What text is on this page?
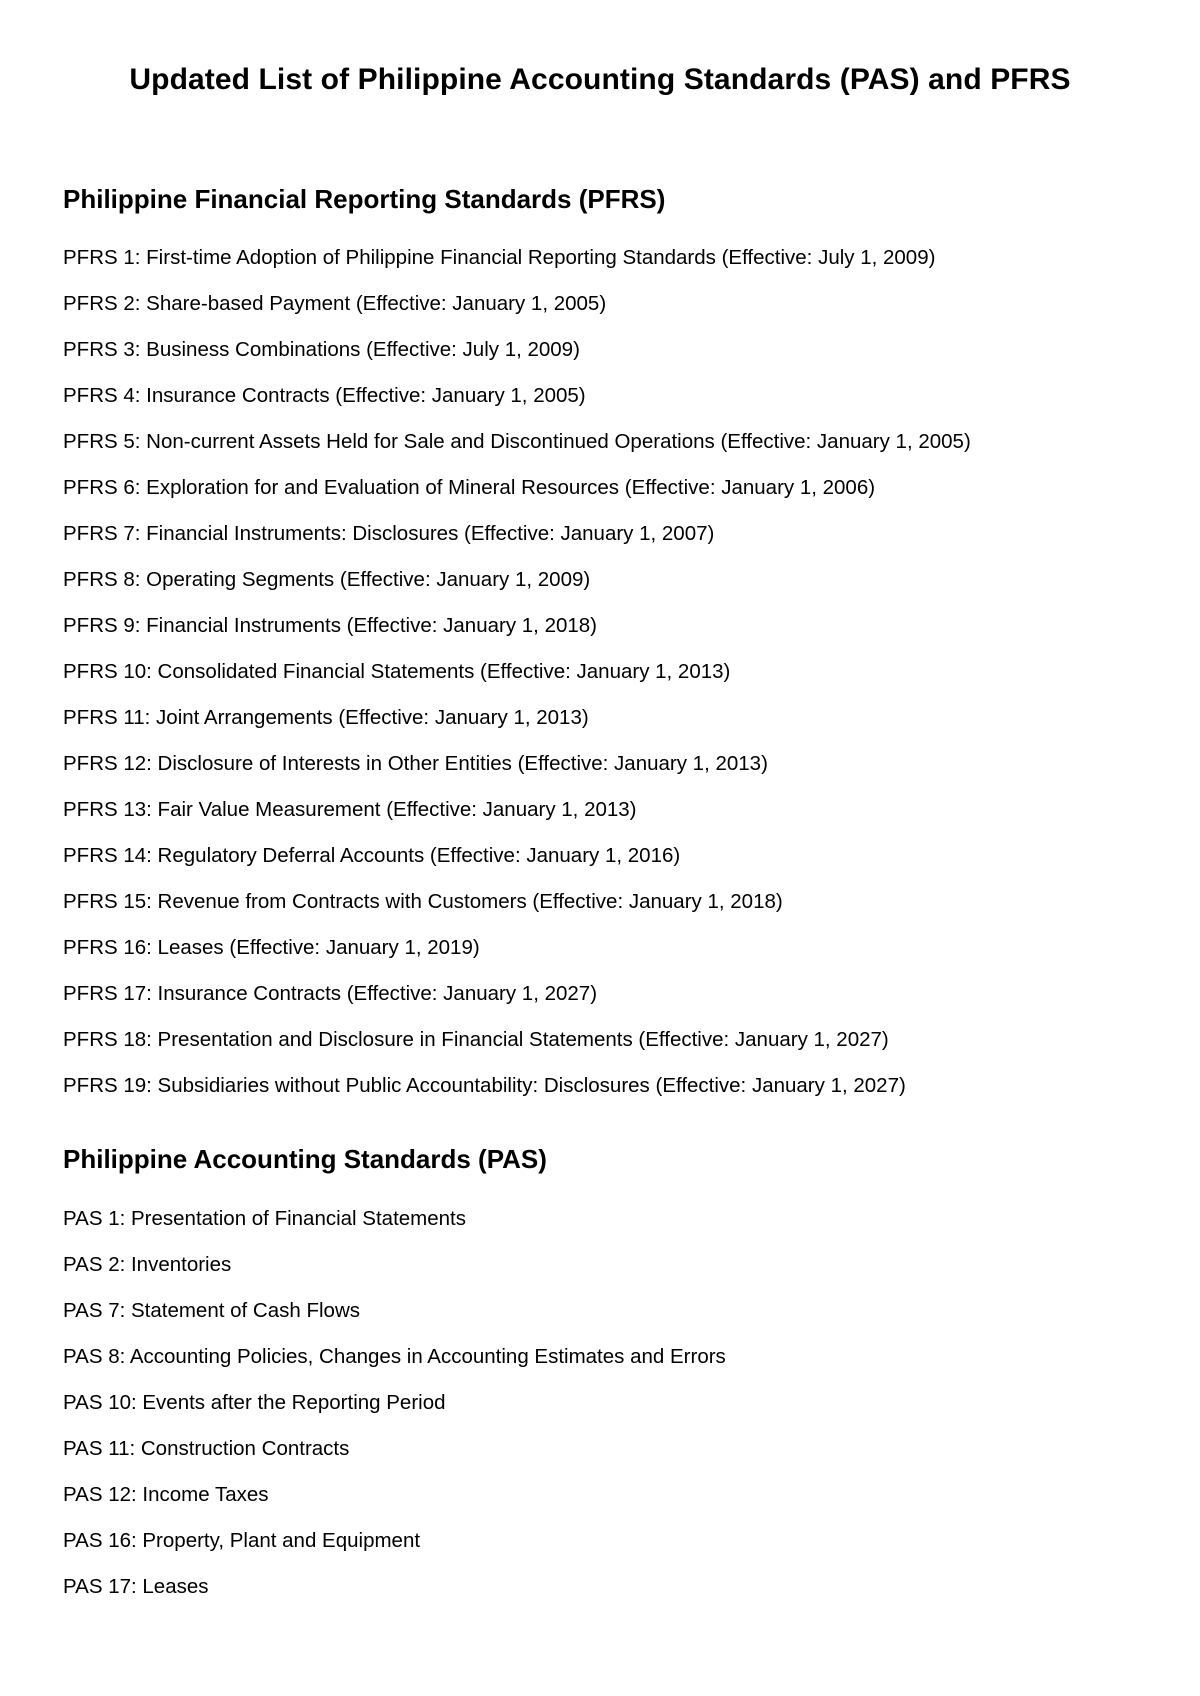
Updated List of Philippine Accounting Standards (PAS) and PFRS
Philippine Financial Reporting Standards (PFRS)
PFRS 1: First-time Adoption of Philippine Financial Reporting Standards (Effective: July 1, 2009)
PFRS 2: Share-based Payment (Effective: January 1, 2005)
PFRS 3: Business Combinations (Effective: July 1, 2009)
PFRS 4: Insurance Contracts (Effective: January 1, 2005)
PFRS 5: Non-current Assets Held for Sale and Discontinued Operations (Effective: January 1, 2005)
PFRS 6: Exploration for and Evaluation of Mineral Resources (Effective: January 1, 2006)
PFRS 7: Financial Instruments: Disclosures (Effective: January 1, 2007)
PFRS 8: Operating Segments (Effective: January 1, 2009)
PFRS 9: Financial Instruments (Effective: January 1, 2018)
PFRS 10: Consolidated Financial Statements (Effective: January 1, 2013)
PFRS 11: Joint Arrangements (Effective: January 1, 2013)
PFRS 12: Disclosure of Interests in Other Entities (Effective: January 1, 2013)
PFRS 13: Fair Value Measurement (Effective: January 1, 2013)
PFRS 14: Regulatory Deferral Accounts (Effective: January 1, 2016)
PFRS 15: Revenue from Contracts with Customers (Effective: January 1, 2018)
PFRS 16: Leases (Effective: January 1, 2019)
PFRS 17: Insurance Contracts (Effective: January 1, 2027)
PFRS 18: Presentation and Disclosure in Financial Statements (Effective: January 1, 2027)
PFRS 19: Subsidiaries without Public Accountability: Disclosures (Effective: January 1, 2027)
Philippine Accounting Standards (PAS)
PAS 1: Presentation of Financial Statements
PAS 2: Inventories
PAS 7: Statement of Cash Flows
PAS 8: Accounting Policies, Changes in Accounting Estimates and Errors
PAS 10: Events after the Reporting Period
PAS 11: Construction Contracts
PAS 12: Income Taxes
PAS 16: Property, Plant and Equipment
PAS 17: Leases
